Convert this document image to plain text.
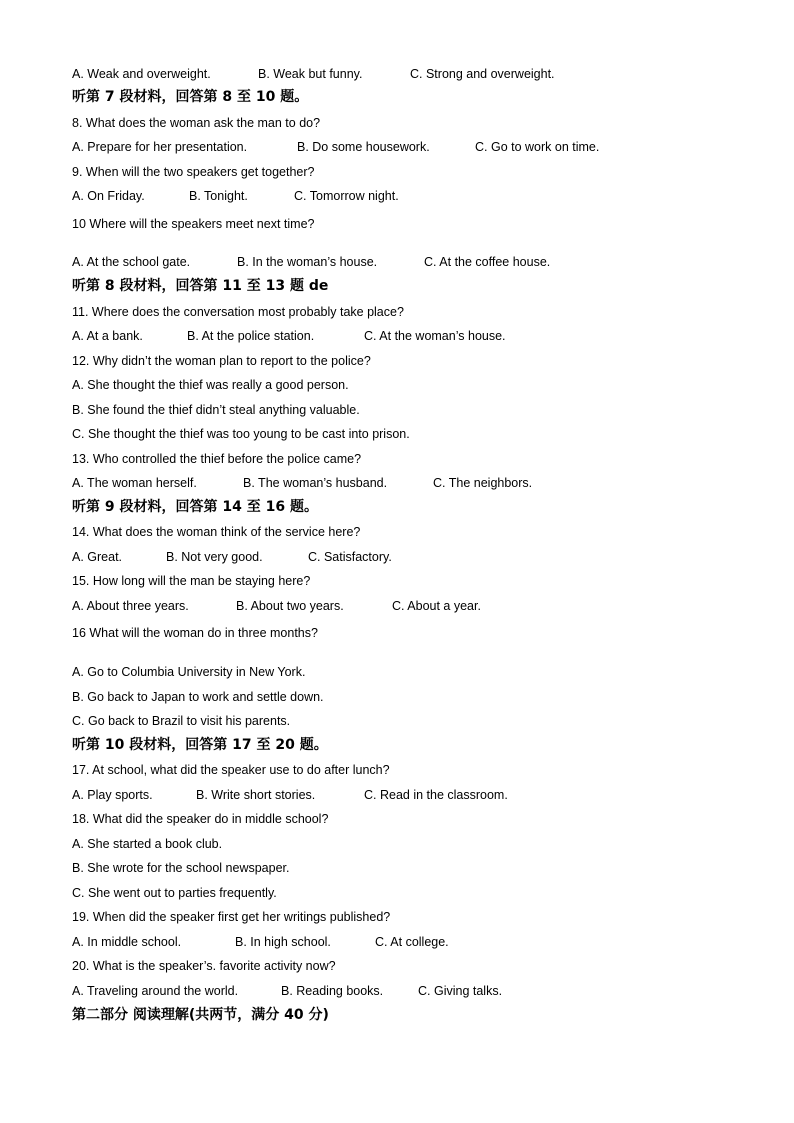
A. Weak and overweight.	B. Weak but funny.	C. Strong and overweight.
听第 7 段材料，回答第 8 至 10 题。
8. What does the woman ask the man to do?
A. Prepare for her presentation.	B. Do some housework.	C. Go to work on time.
9. When will the two speakers get together?
A. On Friday.	B. Tonight.	C. Tomorrow night.
10 Where will the speakers meet next time?
A. At the school gate.	B. In the woman’s house.	C. At the coffee house.
听第 8 段材料，回答第 11 至 13 题 de
11. Where does the conversation most probably take place?
A. At a bank.	B. At the police station.	C. At the woman’s house.
12. Why didn’t the woman plan to report to the police?
A. She thought the thief was really a good person.
B. She found the thief didn’t steal anything valuable.
C. She thought the thief was too young to be cast into prison.
13. Who controlled the thief before the police came?
A. The woman herself.	B. The woman’s husband.	C. The neighbors.
听第 9 段材料，回答第 14 至 16 题。
14. What does the woman think of the service here?
A. Great.	B. Not very good.	C. Satisfactory.
15. How long will the man be staying here?
A. About three years.	B. About two years.	C. About a year.
16 What will the woman do in three months?
A. Go to Columbia University in New York.
B. Go back to Japan to work and settle down.
C. Go back to Brazil to visit his parents.
听第 10 段材料，回答第 17 至 20 题。
17. At school, what did the speaker use to do after lunch?
A. Play sports.	B. Write short stories.	C. Read in the classroom.
18. What did the speaker do in middle school?
A. She started a book club.
B. She wrote for the school newspaper.
C. She went out to parties frequently.
19. When did the speaker first get her writings published?
A. In middle school.	B. In high school.	C. At college.
20. What is the speaker’s. favorite activity now?
A. Traveling around the world.	B. Reading books.	C. Giving talks.
第二部分 阅读理解(共两节，满分 40 分)
